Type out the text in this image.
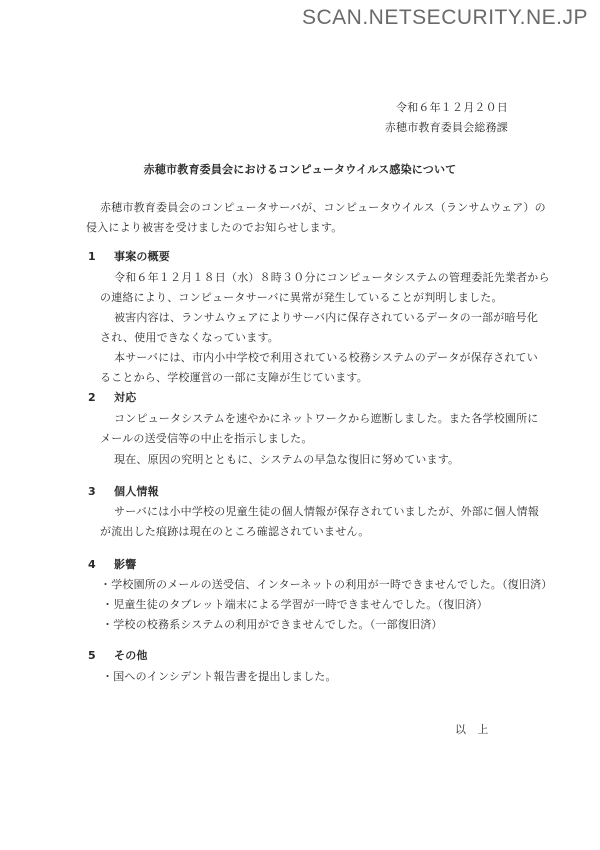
SCAN.NETSECURITY.NE.JP
令和６年１２月２０日
赤穂市教育委員会総務課
赤穂市教育委員会におけるコンピュータウイルス感染について
赤穂市教育委員会のコンピュータサーバが、コンピュータウイルス（ランサムウェア）の
侵入により被害を受けましたのでお知らせします。
1 事案の概要
令和６年１２月１８日（水）８時３０分にコンピュータシステムの管理委託先業者から
の連絡により、コンピュータサーバに異常が発生していることが判明しました。
被害内容は、ランサムウェアによりサーバ内に保存されているデータの一部が暗号化
され、使用できなくなっています。
本サーバには、市内小中学校で利用されている校務システムのデータが保存されてい
ることから、学校運営の一部に支障が生じています。
2 対応
コンピュータシステムを速やかにネットワークから遮断しました。また各学校園所に
メールの送受信等の中止を指示しました。
現在、原因の究明とともに、システムの早急な復旧に努めています。
3 個人情報
サーバには小中学校の児童生徒の個人情報が保存されていましたが、外部に個人情報
が流出した痕跡は現在のところ確認されていません。
4 影響
・学校園所のメールの送受信、インターネットの利用が一時できませんでした。（復旧済）
・児童生徒のタブレット端末による学習が一時できませんでした。（復旧済）
・学校の校務系システムの利用ができませんでした。（一部復旧済）
5 その他
・国へのインシデント報告書を提出しました。
以　上
